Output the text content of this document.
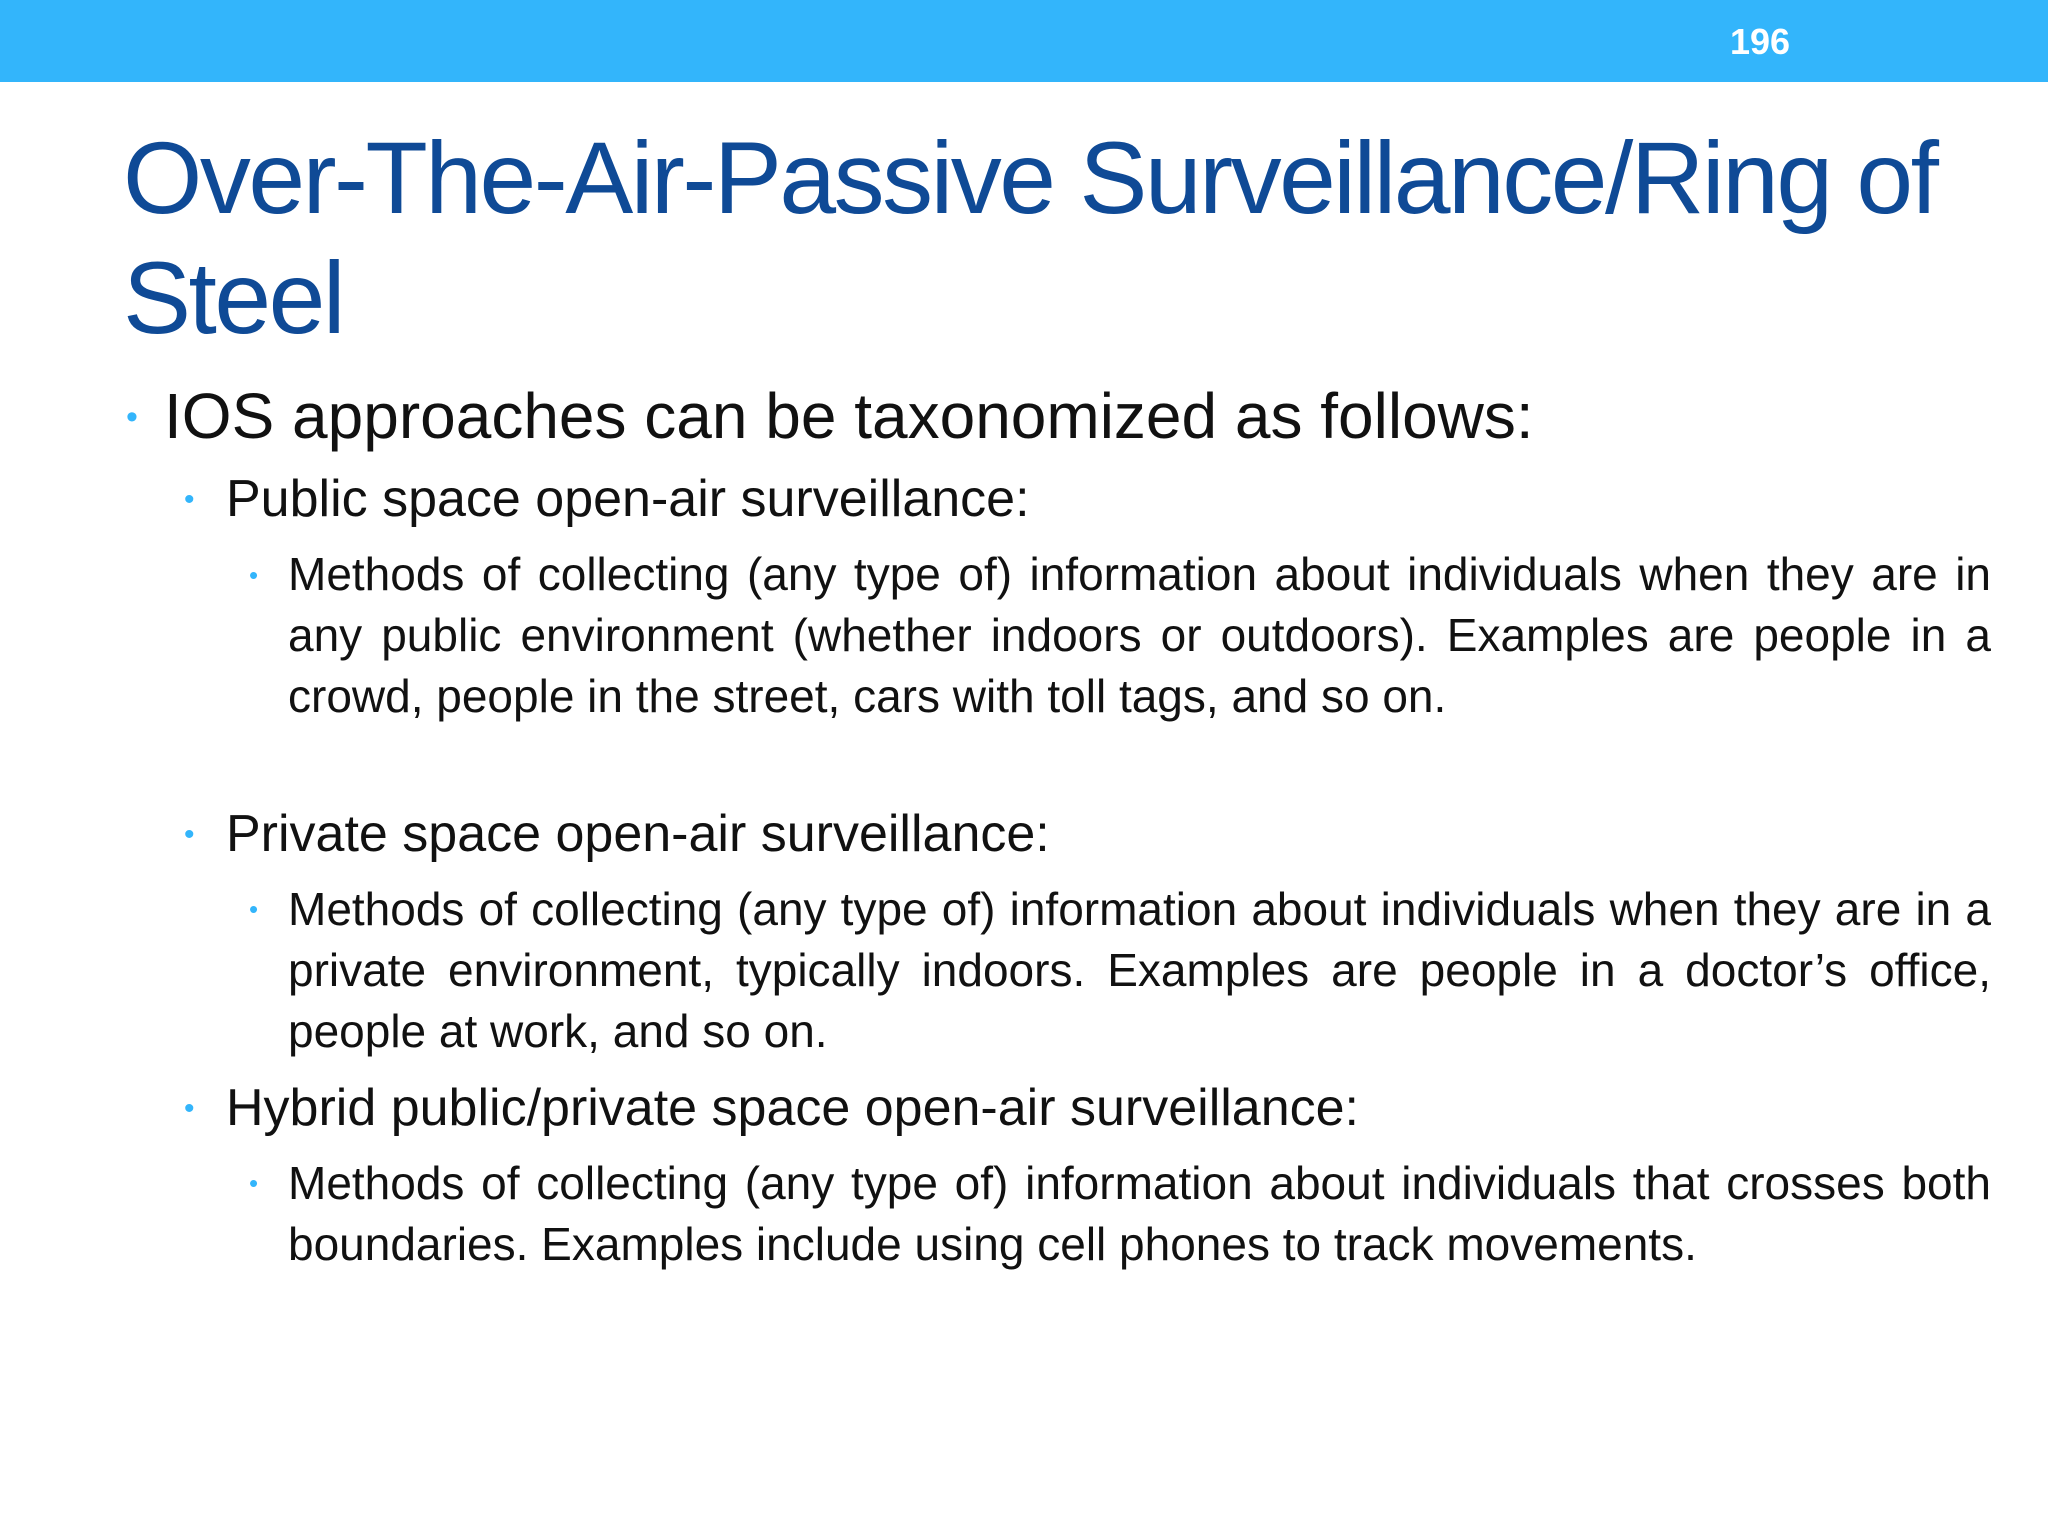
196
Over-The-Air-Passive Surveillance/Ring of Steel
• IOS approaches can be taxonomized as follows:
• Public space open-air surveillance:
• Methods of collecting (any type of) information about individuals when they are in any public environment (whether indoors or outdoors). Examples are people in a crowd, people in the street, cars with toll tags, and so on.
• Private space open-air surveillance:
• Methods of collecting (any type of) information about individuals when they are in a private environment, typically indoors. Examples are people in a doctor’s office, people at work, and so on.
• Hybrid public/private space open-air surveillance:
• Methods of collecting (any type of) information about individuals that crosses both boundaries. Examples include using cell phones to track movements.
